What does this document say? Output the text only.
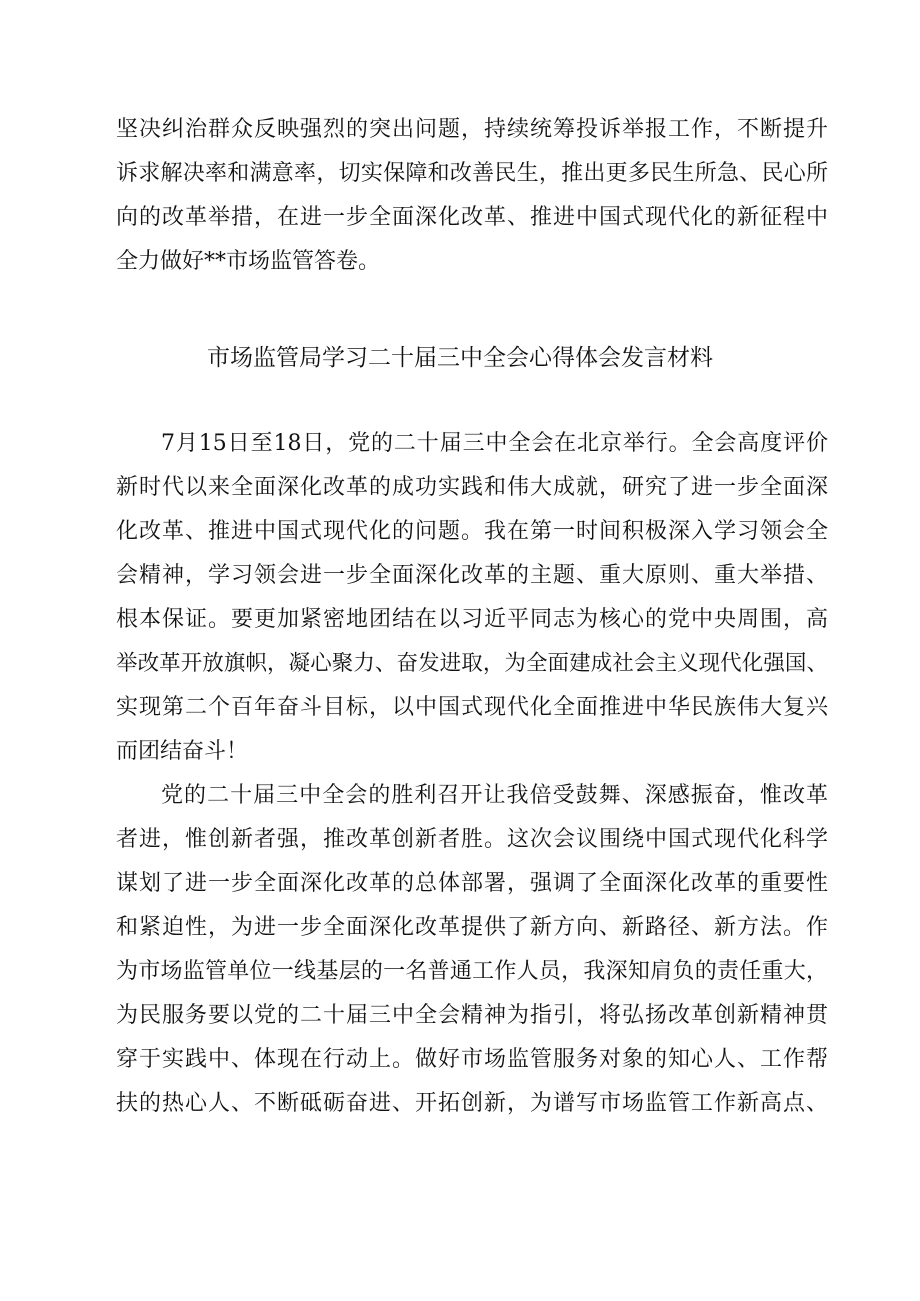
坚决纠治群众反映强烈的突出问题，持续统筹投诉举报工作，不断提升

诉求解决率和满意率，切实保障和改善民生，推出更多民生所急、民心所

向的改革举措，在进一步全面深化改革、推进中国式现代化的新征程中

全力做好**市场监管答卷。

市场监管局学习二十届三中全会心得体会发言材料

7月15日至18日，党的二十届三中全会在北京举行。全会高度评价

新时代以来全面深化改革的成功实践和伟大成就，研究了进一步全面深

化改革、推进中国式现代化的问题。我在第一时间积极深入学习领会全

会精神，学习领会进一步全面深化改革的主题、重大原则、重大举措、

根本保证。要更加紧密地团结在以习近平同志为核心的党中央周围，高

举改革开放旗帜，凝心聚力、奋发进取，为全面建成社会主义现代化强国、

实现第二个百年奋斗目标，以中国式现代化全面推进中华民族伟大复兴

而团结奋斗！

党的二十届三中全会的胜利召开让我倍受鼓舞、深感振奋，惟改革

者进，惟创新者强，推改革创新者胜。这次会议围绕中国式现代化科学

谋划了进一步全面深化改革的总体部署，强调了全面深化改革的重要性

和紧迫性，为进一步全面深化改革提供了新方向、新路径、新方法。作

为市场监管单位一线基层的一名普通工作人员，我深知肩负的责任重大，

为民服务要以党的二十届三中全会精神为指引，将弘扬改革创新精神贯

穿于实践中、体现在行动上。做好市场监管服务对象的知心人、工作帮

扶的热心人、不断砥砺奋进、开拓创新，为谱写市场监管工作新高点、
